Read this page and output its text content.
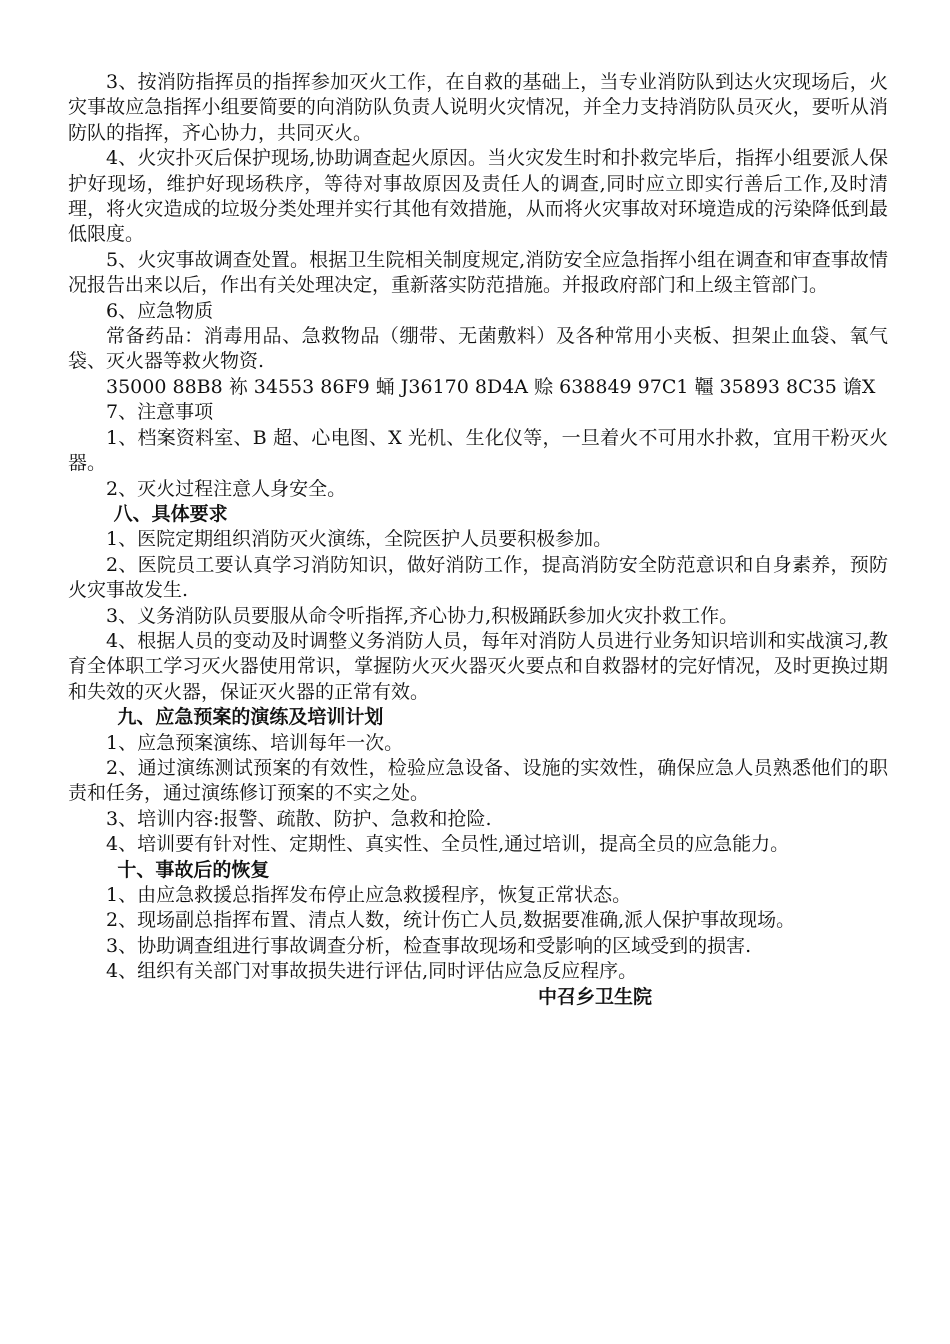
3、按消防指挥员的指挥参加灭火工作，在自救的基础上，当专业消防队到达火灾现场后，火灾事故应急指挥小组要简要的向消防队负责人说明火灾情况，并全力支持消防队员灭火，要听从消防队的指挥，齐心协力，共同灭火。

4、火灾扑灭后保护现场,协助调查起火原因。当火灾发生时和扑救完毕后，指挥小组要派人保护好现场，维护好现场秩序，等待对事故原因及责任人的调查,同时应立即实行善后工作,及时清理，将火灾造成的垃圾分类处理并实行其他有效措施，从而将火灾事故对环境造成的污染降低到最低限度。

5、火灾事故调查处置。根据卫生院相关制度规定,消防安全应急指挥小组在调查和审查事故情况报告出来以后，作出有关处理决定，重新落实防范措施。并报政府部门和上级主管部门。

6、应急物质

常备药品：消毒用品、急救物品（绷带、无菌敷料）及各种常用小夹板、担架止血袋、氧气袋、灭火器等救火物资.

35000 88B8 袮 34553 86F9 蛹 J36170 8D4A 赊 638849 97C1 韁 35893 8C35 谵X

7、注意事项

1、档案资料室、B 超、心电图、X 光机、生化仪等，一旦着火不可用水扑救，宜用干粉灭火器。

2、灭火过程注意人身安全。

八、具体要求

1、医院定期组织消防灭火演练，全院医护人员要积极参加。

2、医院员工要认真学习消防知识，做好消防工作，提高消防安全防范意识和自身素养，预防火灾事故发生.

3、义务消防队员要服从命令听指挥,齐心协力,积极踊跃参加火灾扑救工作。

4、根据人员的变动及时调整义务消防人员，每年对消防人员进行业务知识培训和实战演习,教育全体职工学习灭火器使用常识，掌握防火灭火器灭火要点和自救器材的完好情况，及时更换过期和失效的灭火器，保证灭火器的正常有效。

九、应急预案的演练及培训计划

1、应急预案演练、培训每年一次。

2、通过演练测试预案的有效性，检验应急设备、设施的实效性，确保应急人员熟悉他们的职责和任务，通过演练修订预案的不实之处。

3、培训内容:报警、疏散、防护、急救和抢险.

4、培训要有针对性、定期性、真实性、全员性,通过培训，提高全员的应急能力。

十、事故后的恢复

1、由应急救援总指挥发布停止应急救援程序，恢复正常状态。

2、现场副总指挥布置、清点人数，统计伤亡人员,数据要准确,派人保护事故现场。

3、协助调查组进行事故调查分析，检查事故现场和受影响的区域受到的损害.

4、组织有关部门对事故损失进行评估,同时评估应急反应程序。

中召乡卫生院
